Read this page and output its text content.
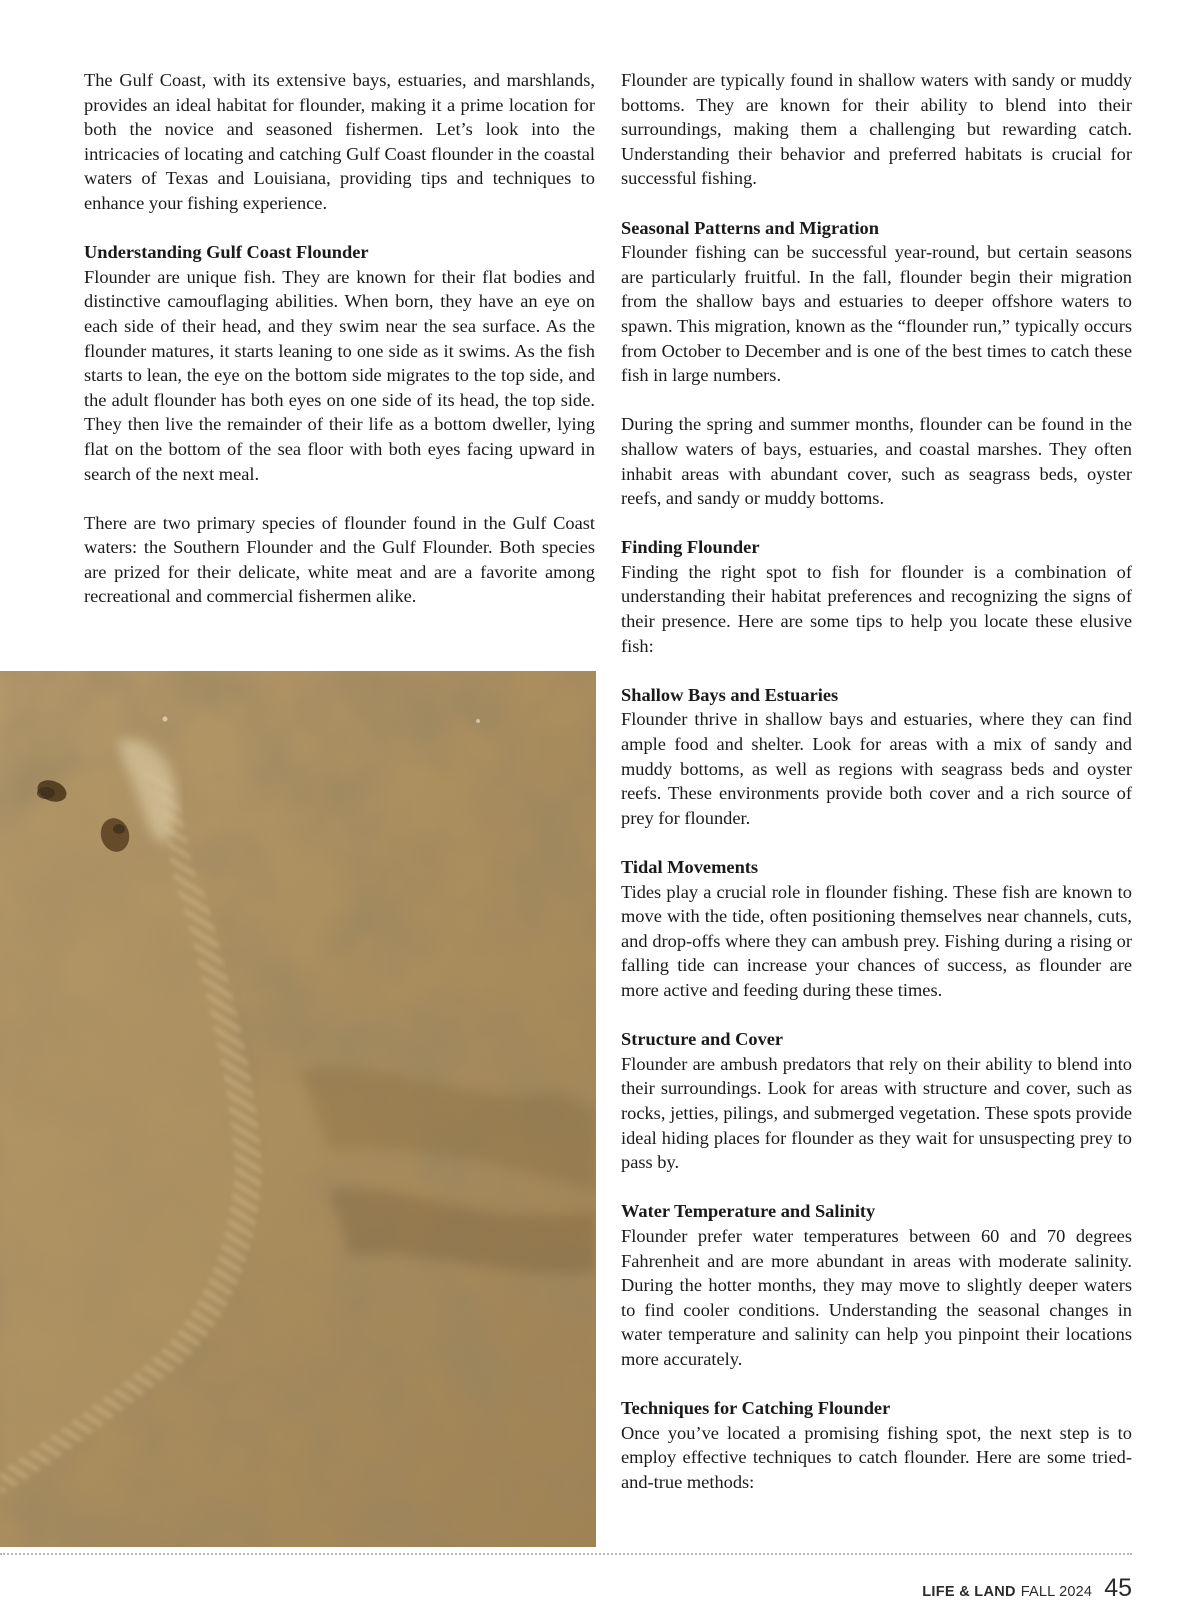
The Gulf Coast, with its extensive bays, estuaries, and marshlands, provides an ideal habitat for flounder, making it a prime location for both the novice and seasoned fishermen. Let’s look into the intricacies of locating and catching Gulf Coast flounder in the coastal waters of Texas and Louisiana, providing tips and techniques to enhance your fishing experience.

Understanding Gulf Coast Flounder

Flounder are unique fish. They are known for their flat bodies and distinctive camouflaging abilities. When born, they have an eye on each side of their head, and they swim near the sea surface. As the flounder matures, it starts leaning to one side as it swims. As the fish starts to lean, the eye on the bottom side migrates to the top side, and the adult flounder has both eyes on one side of its head, the top side. They then live the remainder of their life as a bottom dweller, lying flat on the bottom of the sea floor with both eyes facing upward in search of the next meal.

There are two primary species of flounder found in the Gulf Coast waters: the Southern Flounder and the Gulf Flounder. Both species are prized for their delicate, white meat and are a favorite among recreational and commercial fishermen alike.

Flounder are typically found in shallow waters with sandy or muddy bottoms. They are known for their ability to blend into their surroundings, making them a challenging but rewarding catch. Understanding their behavior and preferred habitats is crucial for successful fishing.

Seasonal Patterns and Migration

Flounder fishing can be successful year-round, but certain seasons are particularly fruitful. In the fall, flounder begin their migration from the shallow bays and estuaries to deeper offshore waters to spawn. This migration, known as the “flounder run,” typically occurs from October to December and is one of the best times to catch these fish in large numbers.

During the spring and summer months, flounder can be found in the shallow waters of bays, estuaries, and coastal marshes. They often inhabit areas with abundant cover, such as seagrass beds, oyster reefs, and sandy or muddy bottoms.

Finding Flounder

Finding the right spot to fish for flounder is a combination of understanding their habitat preferences and recognizing the signs of their presence. Here are some tips to help you locate these elusive fish:

Shallow Bays and Estuaries

Flounder thrive in shallow bays and estuaries, where they can find ample food and shelter. Look for areas with a mix of sandy and muddy bottoms, as well as regions with seagrass beds and oyster reefs. These environments provide both cover and a rich source of prey for flounder.

Tidal Movements

Tides play a crucial role in flounder fishing. These fish are known to move with the tide, often positioning themselves near channels, cuts, and drop-offs where they can ambush prey. Fishing during a rising or falling tide can increase your chances of success, as flounder are more active and feeding during these times.

Structure and Cover

Flounder are ambush predators that rely on their ability to blend into their surroundings. Look for areas with structure and cover, such as rocks, jetties, pilings, and submerged vegetation. These spots provide ideal hiding places for flounder as they wait for unsuspecting prey to pass by.

Water Temperature and Salinity

Flounder prefer water temperatures between 60 and 70 degrees Fahrenheit and are more abundant in areas with moderate salinity. During the hotter months, they may move to slightly deeper waters to find cooler conditions. Understanding the seasonal changes in water temperature and salinity can help you pinpoint their locations more accurately.

Techniques for Catching Flounder

Once you’ve located a promising fishing spot, the next step is to employ effective techniques to catch flounder. Here are some tried-and-true methods:

LIFE & LAND FALL 2024 45
